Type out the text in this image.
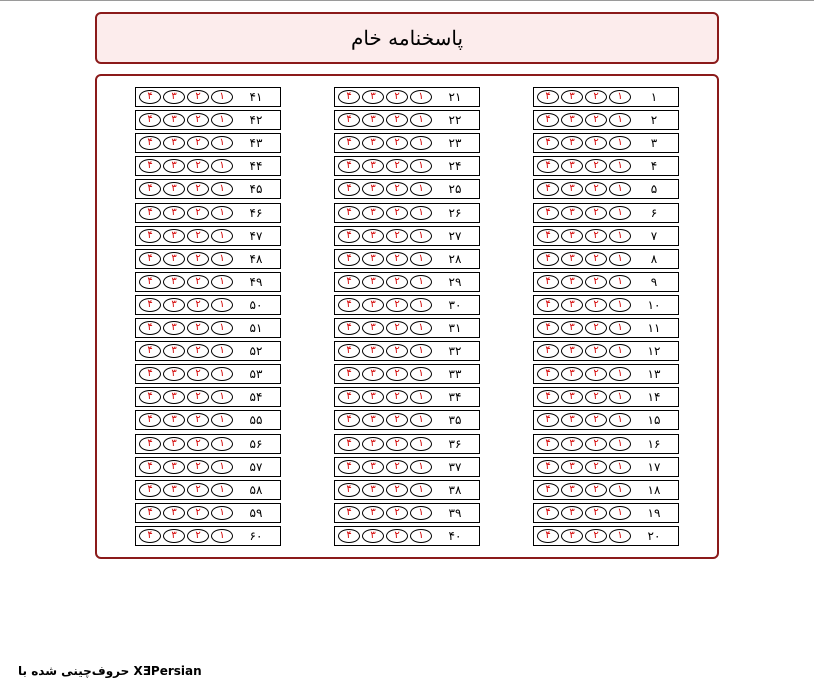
پاسخنامه خام
۴	۳	۲	۱	۱
۴	۳	۲	۱	۲
۴	۳	۲	۱	۳
۴	۳	۲	۱	۴
۴	۳	۲	۱	۵
۴	۳	۲	۱	۶
۴	۳	۲	۱	۷
۴	۳	۲	۱	۸
۴	۳	۲	۱	۹
۴	۳	۲	۱	۱۰
۴	۳	۲	۱	۱۱
۴	۳	۲	۱	۱۲
۴	۳	۲	۱	۱۳
۴	۳	۲	۱	۱۴
۴	۳	۲	۱	۱۵
۴	۳	۲	۱	۱۶
۴	۳	۲	۱	۱۷
۴	۳	۲	۱	۱۸
۴	۳	۲	۱	۱۹
۴	۳	۲	۱	۲۰
۴	۳	۲	۱	۲۱
۴	۳	۲	۱	۲۲
۴	۳	۲	۱	۲۳
۴	۳	۲	۱	۲۴
۴	۳	۲	۱	۲۵
۴	۳	۲	۱	۲۶
۴	۳	۲	۱	۲۷
۴	۳	۲	۱	۲۸
۴	۳	۲	۱	۲۹
۴	۳	۲	۱	۳۰
۴	۳	۲	۱	۳۱
۴	۳	۲	۱	۳۲
۴	۳	۲	۱	۳۳
۴	۳	۲	۱	۳۴
۴	۳	۲	۱	۳۵
۴	۳	۲	۱	۳۶
۴	۳	۲	۱	۳۷
۴	۳	۲	۱	۳۸
۴	۳	۲	۱	۳۹
۴	۳	۲	۱	۴۰
۴	۳	۲	۱	۴۱
۴	۳	۲	۱	۴۲
۴	۳	۲	۱	۴۳
۴	۳	۲	۱	۴۴
۴	۳	۲	۱	۴۵
۴	۳	۲	۱	۴۶
۴	۳	۲	۱	۴۷
۴	۳	۲	۱	۴۸
۴	۳	۲	۱	۴۹
۴	۳	۲	۱	۵۰
۴	۳	۲	۱	۵۱
۴	۳	۲	۱	۵۲
۴	۳	۲	۱	۵۳
۴	۳	۲	۱	۵۴
۴	۳	۲	۱	۵۵
۴	۳	۲	۱	۵۶
۴	۳	۲	۱	۵۷
۴	۳	۲	۱	۵۸
۴	۳	۲	۱	۵۹
۴	۳	۲	۱	۶۰
حروف‌چینی شده با XƎPersian
